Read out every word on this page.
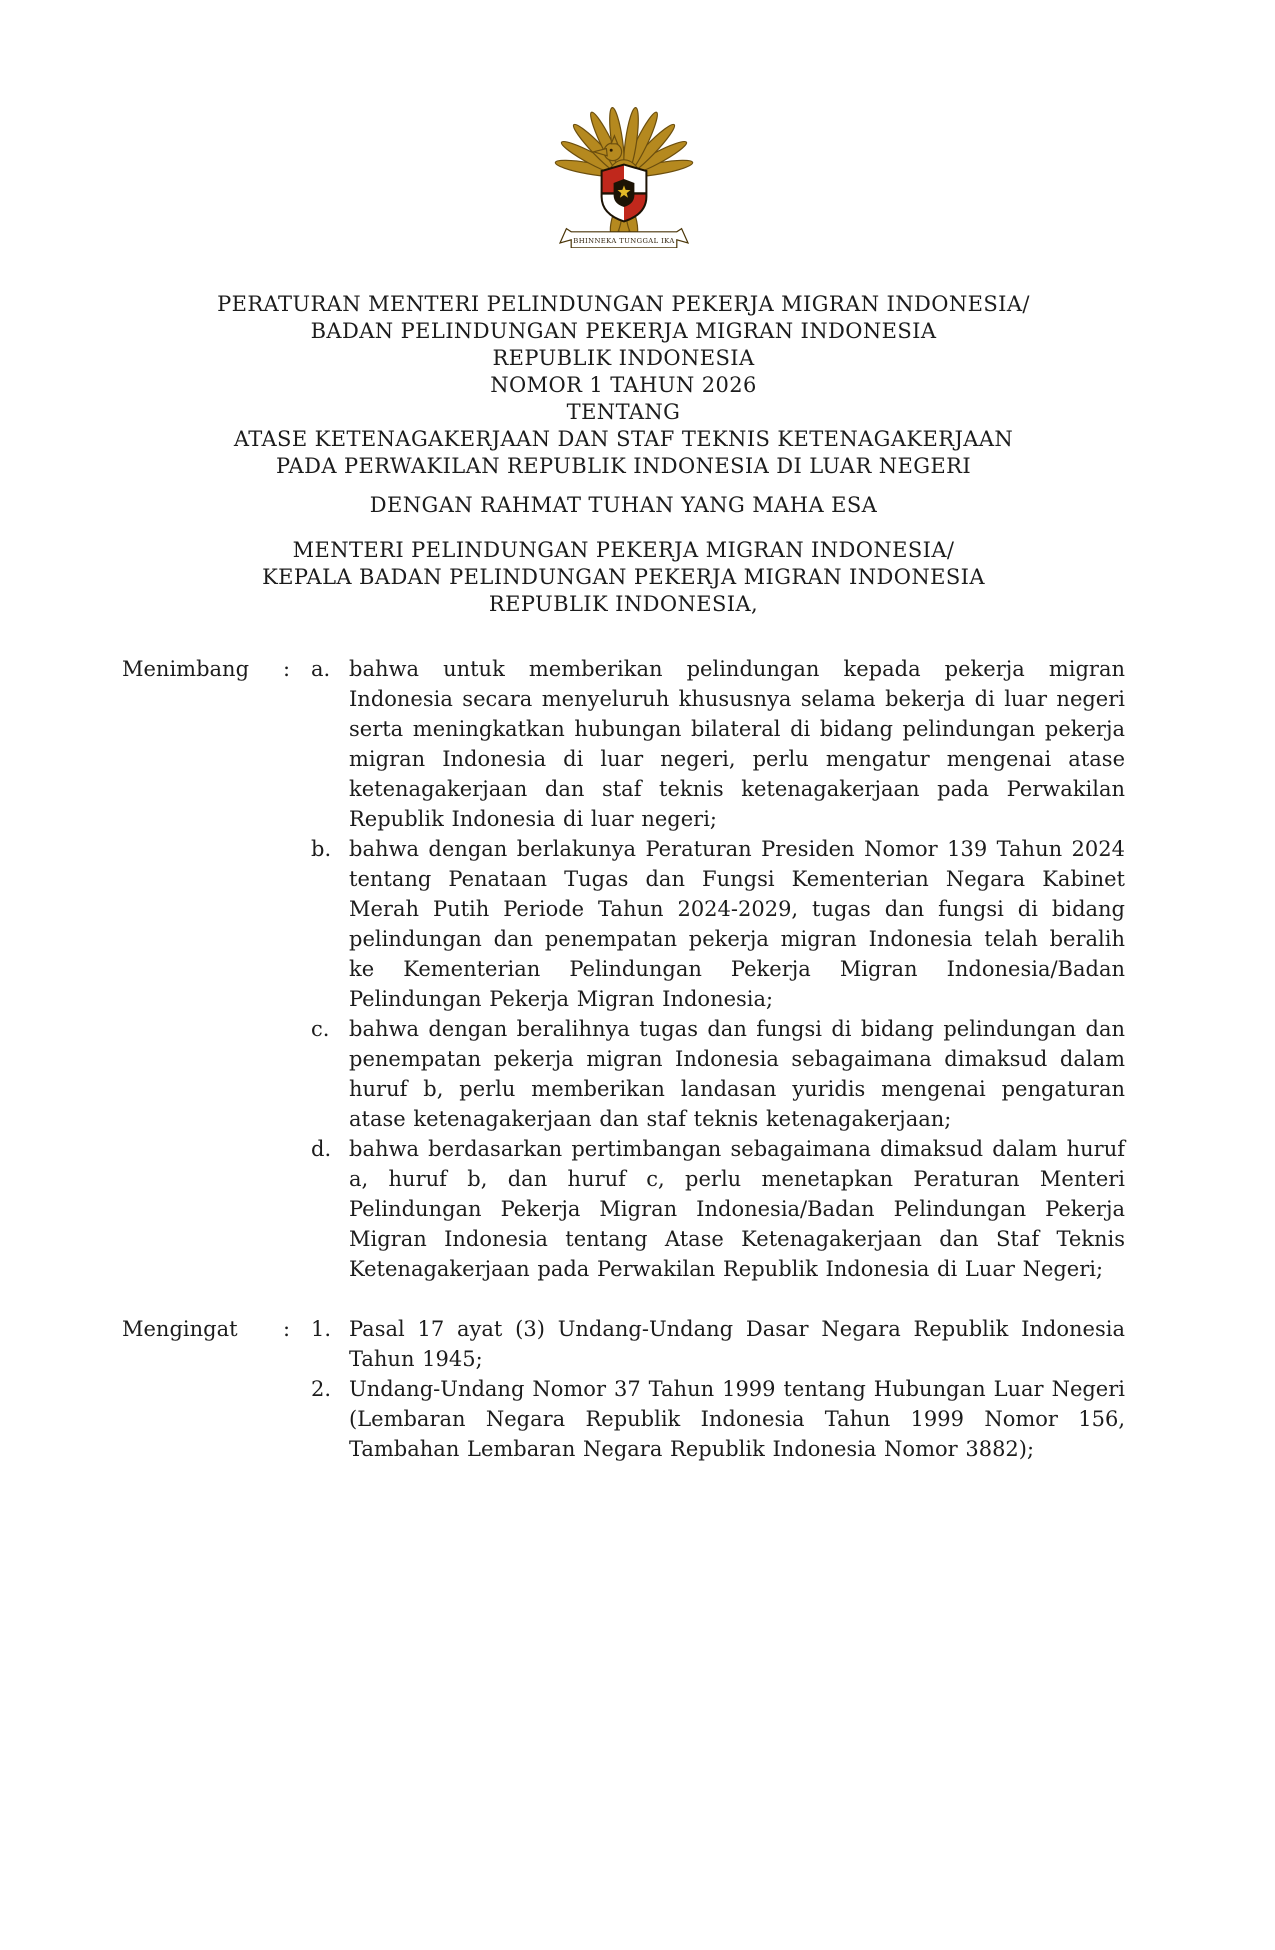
BHINNEKA TUNGGAL IKA
PERATURAN MENTERI PELINDUNGAN PEKERJA MIGRAN INDONESIA/
BADAN PELINDUNGAN PEKERJA MIGRAN INDONESIA
REPUBLIK INDONESIA
NOMOR 1 TAHUN 2026
TENTANG
ATASE KETENAGAKERJAAN DAN STAF TEKNIS KETENAGAKERJAAN
PADA PERWAKILAN REPUBLIK INDONESIA DI LUAR NEGERI
DENGAN RAHMAT TUHAN YANG MAHA ESA
MENTERI PELINDUNGAN PEKERJA MIGRAN INDONESIA/
KEPALA BADAN PELINDUNGAN PEKERJA MIGRAN INDONESIA
REPUBLIK INDONESIA,
Menimbang	: a. bahwa untuk memberikan pelindungan kepada pekerja migran Indonesia secara menyeluruh khususnya selama bekerja di luar negeri serta meningkatkan hubungan bilateral di bidang pelindungan pekerja migran Indonesia di luar negeri, perlu mengatur mengenai atase ketenagakerjaan dan staf teknis ketenagakerjaan pada Perwakilan Republik Indonesia di luar negeri;
b. bahwa dengan berlakunya Peraturan Presiden Nomor 139 Tahun 2024 tentang Penataan Tugas dan Fungsi Kementerian Negara Kabinet Merah Putih Periode Tahun 2024-2029, tugas dan fungsi di bidang pelindungan dan penempatan pekerja migran Indonesia telah beralih ke Kementerian Pelindungan Pekerja Migran Indonesia/Badan Pelindungan Pekerja Migran Indonesia;
c. bahwa dengan beralihnya tugas dan fungsi di bidang pelindungan dan penempatan pekerja migran Indonesia sebagaimana dimaksud dalam huruf b, perlu memberikan landasan yuridis mengenai pengaturan atase ketenagakerjaan dan staf teknis ketenagakerjaan;
d. bahwa berdasarkan pertimbangan sebagaimana dimaksud dalam huruf a, huruf b, dan huruf c, perlu menetapkan Peraturan Menteri Pelindungan Pekerja Migran Indonesia/Badan Pelindungan Pekerja Migran Indonesia tentang Atase Ketenagakerjaan dan Staf Teknis Ketenagakerjaan pada Perwakilan Republik Indonesia di Luar Negeri;
Mengingat	: 1. Pasal 17 ayat (3) Undang-Undang Dasar Negara Republik Indonesia Tahun 1945;
2. Undang-Undang Nomor 37 Tahun 1999 tentang Hubungan Luar Negeri (Lembaran Negara Republik Indonesia Tahun 1999 Nomor 156, Tambahan Lembaran Negara Republik Indonesia Nomor 3882);
